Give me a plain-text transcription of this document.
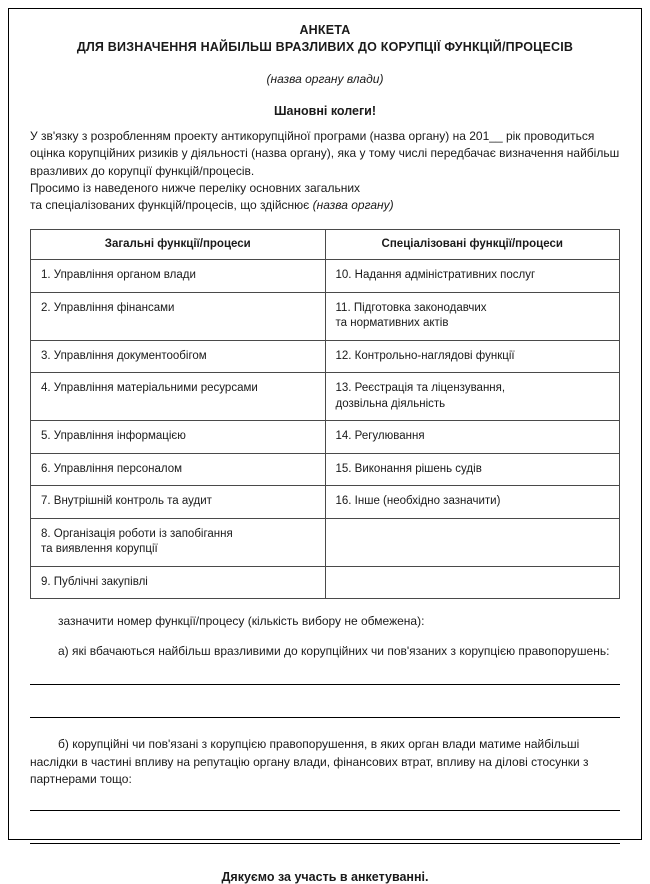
АНКЕТА
ДЛЯ ВИЗНАЧЕННЯ НАЙБІЛЬШ ВРАЗЛИВИХ ДО КОРУПЦІЇ ФУНКЦІЙ/ПРОЦЕСІВ
(назва органу влади)
Шановні колеги!

У зв'язку з розробленням проекту антикорупційної програми (назва органу) на 201__ рік проводиться оцінка корупційних ризиків у діяльності (назва органу), яка у тому числі передбачає визначення найбільш вразливих до корупції функцій/процесів.

Просимо із наведеного нижче переліку основних загальних
та спеціалізованих функцій/процесів, що здійснює (назва органу)

Загальні функції/процеси	Спеціалізовані функції/процеси
1. Управління органом влади	10. Надання адміністративних послуг
2. Управління фінансами	11. Підготовка законодавчих
та нормативних актів
3. Управління документообігом	12. Контрольно-наглядові функції
4. Управління матеріальними ресурсами	13. Реєстрація та ліцензування,
дозвільна діяльність
5. Управління інформацією	14. Регулювання
6. Управління персоналом	15. Виконання рішень судів
7. Внутрішній контроль та аудит	16. Інше (необхідно зазначити)
8. Організація роботи із запобігання
та виявлення корупції	
9. Публічні закупівлі	

зазначити номер функції/процесу (кількість вибору не обмежена):

а) які вбачаються найбільш вразливими до корупційних чи пов'язаних з корупцією правопорушень:

б) корупційні чи пов'язані з корупцією правопорушення, в яких орган влади матиме найбільші наслідки в частині впливу на репутацію органу влади, фінансових втрат, впливу на ділові стосунки з партнерами тощо:

Дякуємо за участь в анкетуванні.
